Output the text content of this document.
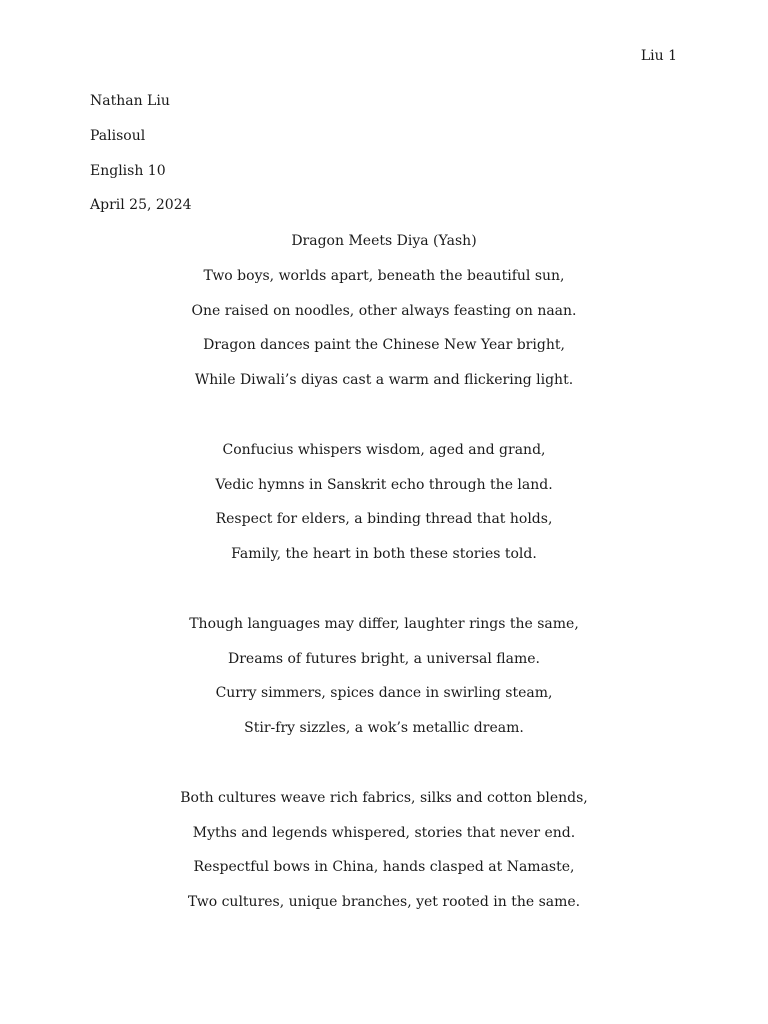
Liu 1
Nathan Liu
Palisoul
English 10
April 25, 2024
Dragon Meets Diya (Yash)
Two boys, worlds apart, beneath the beautiful sun,
One raised on noodles, other always feasting on naan.
Dragon dances paint the Chinese New Year bright,
While Diwali’s diyas cast a warm and flickering light.
Confucius whispers wisdom, aged and grand,
Vedic hymns in Sanskrit echo through the land.
Respect for elders, a binding thread that holds,
Family, the heart in both these stories told.
Though languages may differ, laughter rings the same,
Dreams of futures bright, a universal flame.
Curry simmers, spices dance in swirling steam,
Stir-fry sizzles, a wok’s metallic dream.
Both cultures weave rich fabrics, silks and cotton blends,
Myths and legends whispered, stories that never end.
Respectful bows in China, hands clasped at Namaste,
Two cultures, unique branches, yet rooted in the same.
